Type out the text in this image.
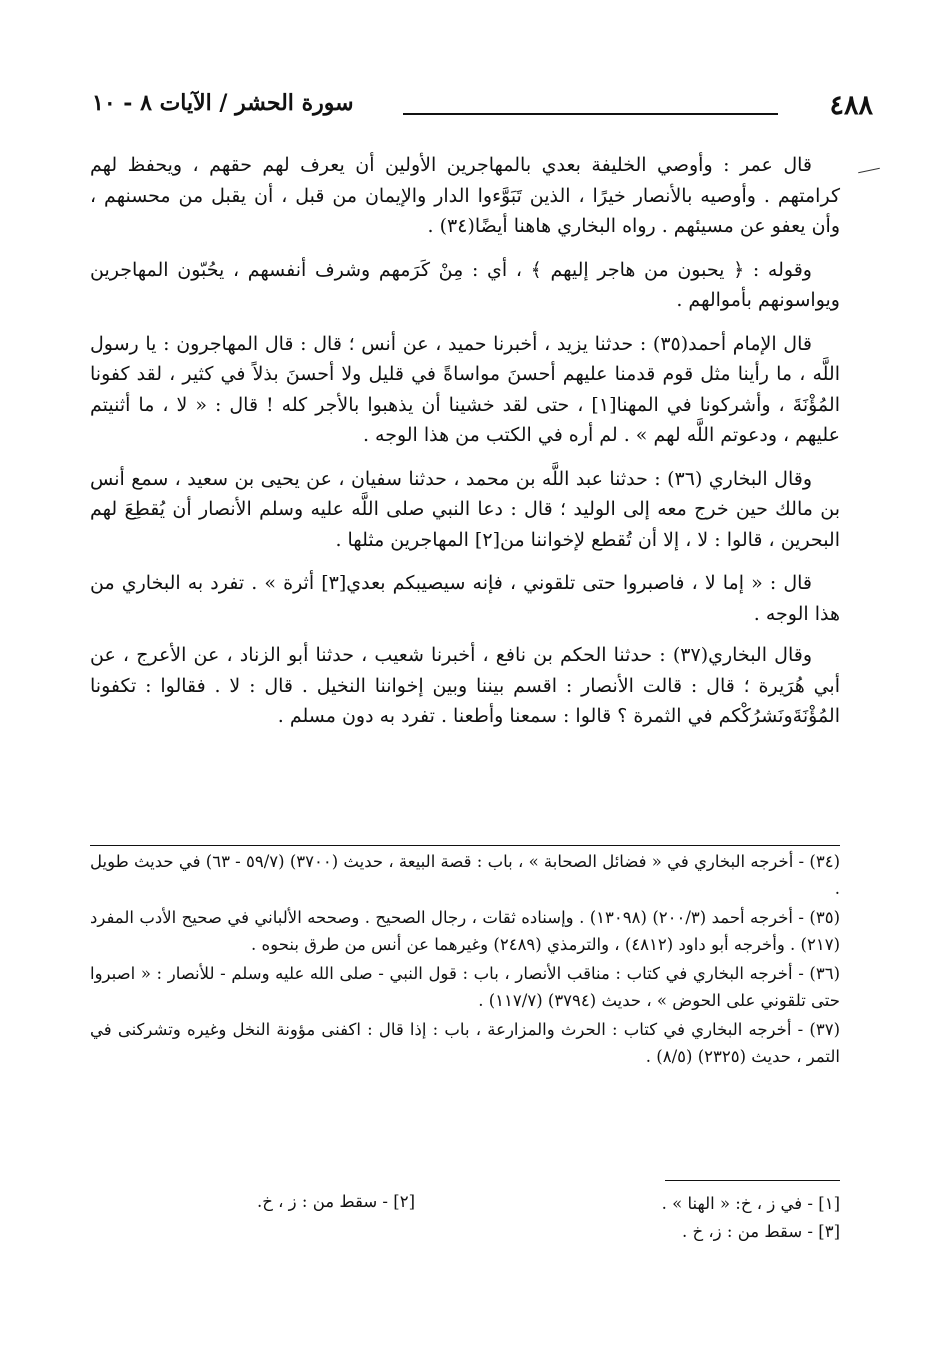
٤٨٨
سورة الحشر / الآيات ٨ - ١٠

قال عمر : وأوصي الخليفة بعدي بالمهاجرين الأولين أن يعرف لهم حقهم ، ويحفظ لهم كرامتهم . وأوصيه بالأنصار خيرًا ، الذين تَبَوَّءوا الدار والإيمان من قبل ، أن يقبل من محسنهم ، وأن يعفو عن مسيئهم . رواه البخاري هاهنا أيضًا(٣٤) .

وقوله : ﴿ يحبون من هاجر إليهم ﴾ ، أي : مِنْ كَرَمهم وشرف أنفسهم ، يحُبّون المهاجرين ويواسونهم بأموالهم .

قال الإمام أحمد(٣٥) : حدثنا يزيد ، أخبرنا حميد ، عن أنس ؛ قال : قال المهاجرون : يا رسول اللَّه ، ما رأينا مثل قوم قدمنا عليهم أحسنَ مواساةً في قليل ولا أحسنَ بذلاً في كثير ، لقد كفونا المُؤْنَةَ ، وأشركونا في المهنا[١] ، حتى لقد خشينا أن يذهبوا بالأجر كله ! قال : « لا ، ما أثنيتم عليهم ، ودعوتم اللَّه لهم » . لم أره في الكتب من هذا الوجه .

وقال البخاري (٣٦) : حدثنا عبد اللَّه بن محمد ، حدثنا سفيان ، عن يحيى بن سعيد ، سمع أنس بن مالك حين خرج معه إلى الوليد ؛ قال : دعا النبي صلى اللَّه عليه وسلم الأنصار أن يُقطِعَ لهم البحرين ، قالوا : لا ، إلا أن تُقطع لإخواننا من[٢] المهاجرين مثلها .

قال : « إما لا ، فاصبروا حتى تلقوني ، فإنه سيصيبكم بعدي[٣] أثرة » . تفرد به البخاري من هذا الوجه .

وقال البخاري(٣٧) : حدثنا الحكم بن نافع ، أخبرنا شعيب ، حدثنا أبو الزناد ، عن الأعرج ، عن أبي هُرَيرة ؛ قال : قالت الأنصار : اقسم بيننا وبين إخواننا النخيل . قال : لا . فقالوا : تكفونا المُؤْنَةَونَشرُكْكم في الثمرة ؟ قالوا : سمعنا وأطعنا . تفرد به دون مسلم .

(٣٤) - أخرجه البخاري في « فضائل الصحابة » ، باب : قصة البيعة ، حديث (٣٧٠٠) (٥٩/٧ - ٦٣) في حديث طويل .

(٣٥) - أخرجه أحمد (٢٠٠/٣) (١٣٠٩٨) . وإسناده ثقات ، رجال الصحيح . وصححه الألباني في صحيح الأدب المفرد (٢١٧) . وأخرجه أبو داود (٤٨١٢) ، والترمذي (٢٤٨٩) وغيرهما عن أنس من طرق بنحوه .

(٣٦) - أخرجه البخاري في كتاب : مناقب الأنصار ، باب : قول النبي - صلى الله عليه وسلم - للأنصار : « اصبروا حتى تلقوني على الحوض » ، حديث (٣٧٩٤) (١١٧/٧) .

(٣٧) - أخرجه البخاري في كتاب : الحرث والمزارعة ، باب : إذا قال : اكفنى مؤونة النخل وغيره وتشركنى في التمر ، حديث (٢٣٢٥) (٨/٥) .

[١] - في ز ، خ: « الهنا » .
[٢] - سقط من : ز ، خ.
[٣] - سقط من : ز، خ .
